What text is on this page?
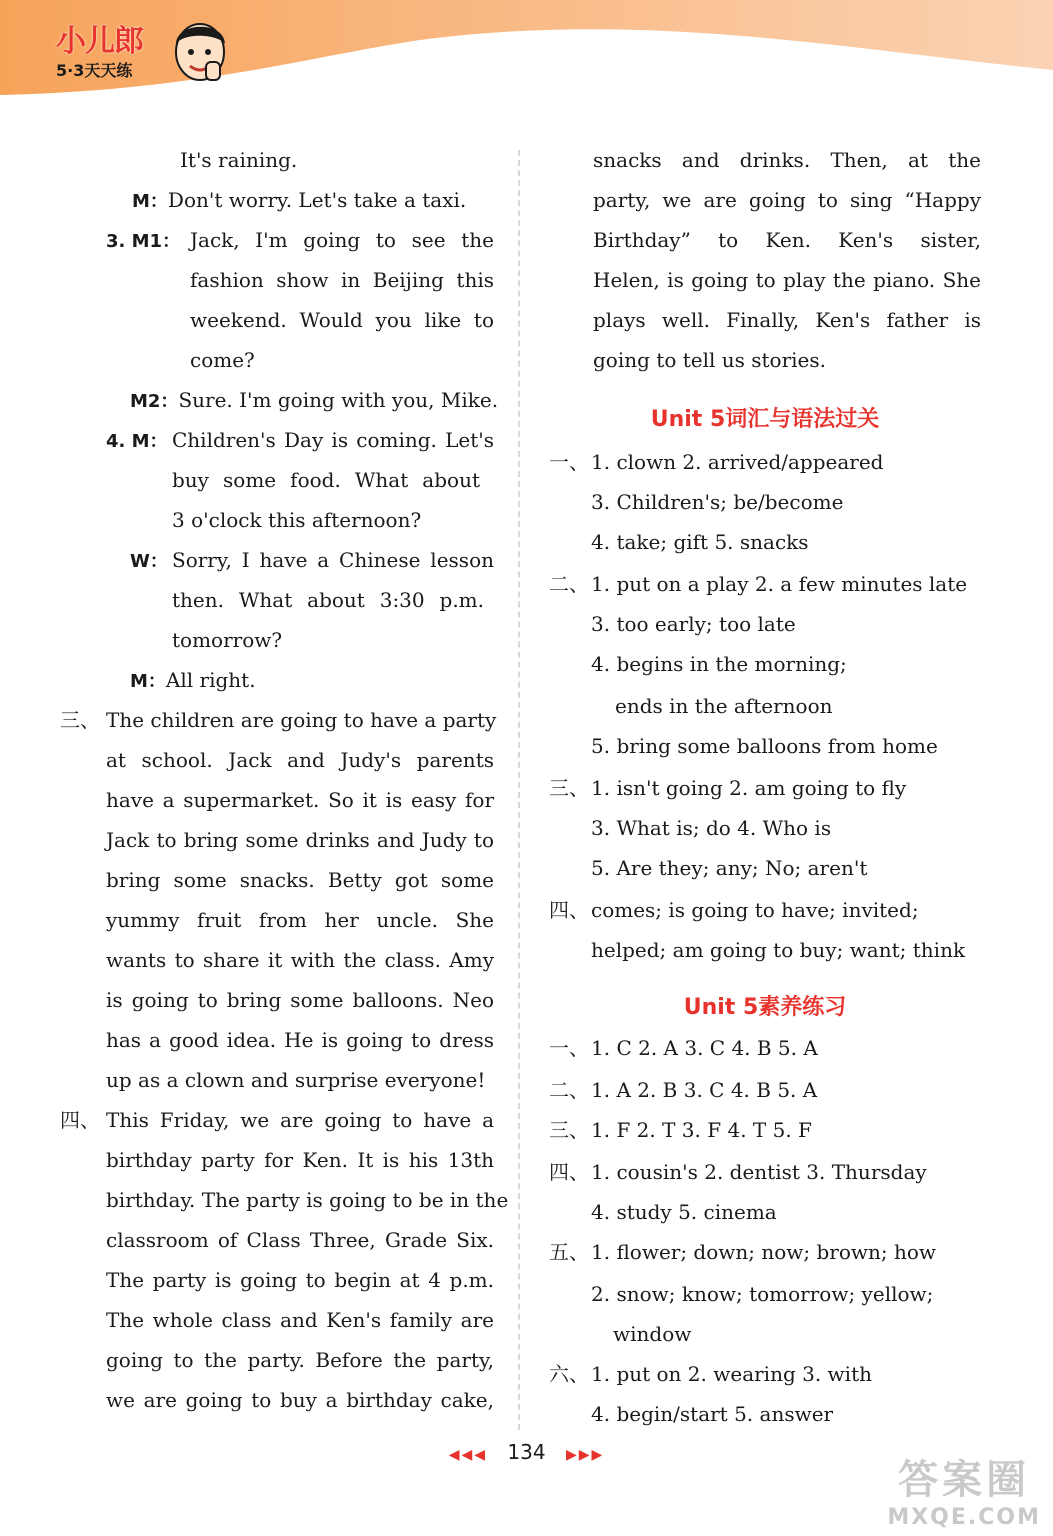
小儿郎
5·3天天练
It's raining.
M：Don't worry. Let's take a taxi.
3. M1： Jack, I'm going to see the
fashion show in Beijing this
weekend. Would you like to
come?
M2：Sure. I'm going with you, Mike.
4. M： Children's Day is coming. Let's
buy some food. What about
3 o'clock this afternoon?
W： Sorry, I have a Chinese lesson
then. What about 3:30 p.m.
tomorrow?
M：All right.
三、 The children are going to have a party
at school. Jack and Judy's parents
have a supermarket. So it is easy for
Jack to bring some drinks and Judy to
bring some snacks. Betty got some
yummy fruit from her uncle. She
wants to share it with the class. Amy
is going to bring some balloons. Neo
has a good idea. He is going to dress
up as a clown and surprise everyone!
四、 This Friday, we are going to have a
birthday party for Ken. It is his 13th
birthday. The party is going to be in the
classroom of Class Three, Grade Six.
The party is going to begin at 4 p.m.
The whole class and Ken's family are
going to the party. Before the party,
we are going to buy a birthday cake,
snacks and drinks. Then, at the
party, we are going to sing “Happy
Birthday” to Ken. Ken's sister,
Helen, is going to play the piano. She
plays well. Finally, Ken's father is
going to tell us stories.
Unit 5词汇与语法过关
一、 1. clown 2. arrived/appeared
3. Children's; be/become
4. take; gift 5. snacks
二、 1. put on a play 2. a few minutes late
3. too early; too late
4. begins in the morning;
ends in the afternoon
5. bring some balloons from home
三、 1. isn't going 2. am going to fly
3. What is; do 4. Who is
5. Are they; any; No; aren't
四、 comes; is going to have; invited;
helped; am going to buy; want; think
Unit 5素养练习
一、 1. C 2. A 3. C 4. B 5. A
二、 1. A 2. B 3. C 4. B 5. A
三、 1. F 2. T 3. F 4. T 5. F
四、 1. cousin's 2. dentist 3. Thursday
4. study 5. cinema
五、 1. flower; down; now; brown; how
2. snow; know; tomorrow; yellow;
window
六、 1. put on 2. wearing 3. with
4. begin/start 5. answer
◀◀◀ 134 ▶▶▶
答案圈
MXQE.COM
